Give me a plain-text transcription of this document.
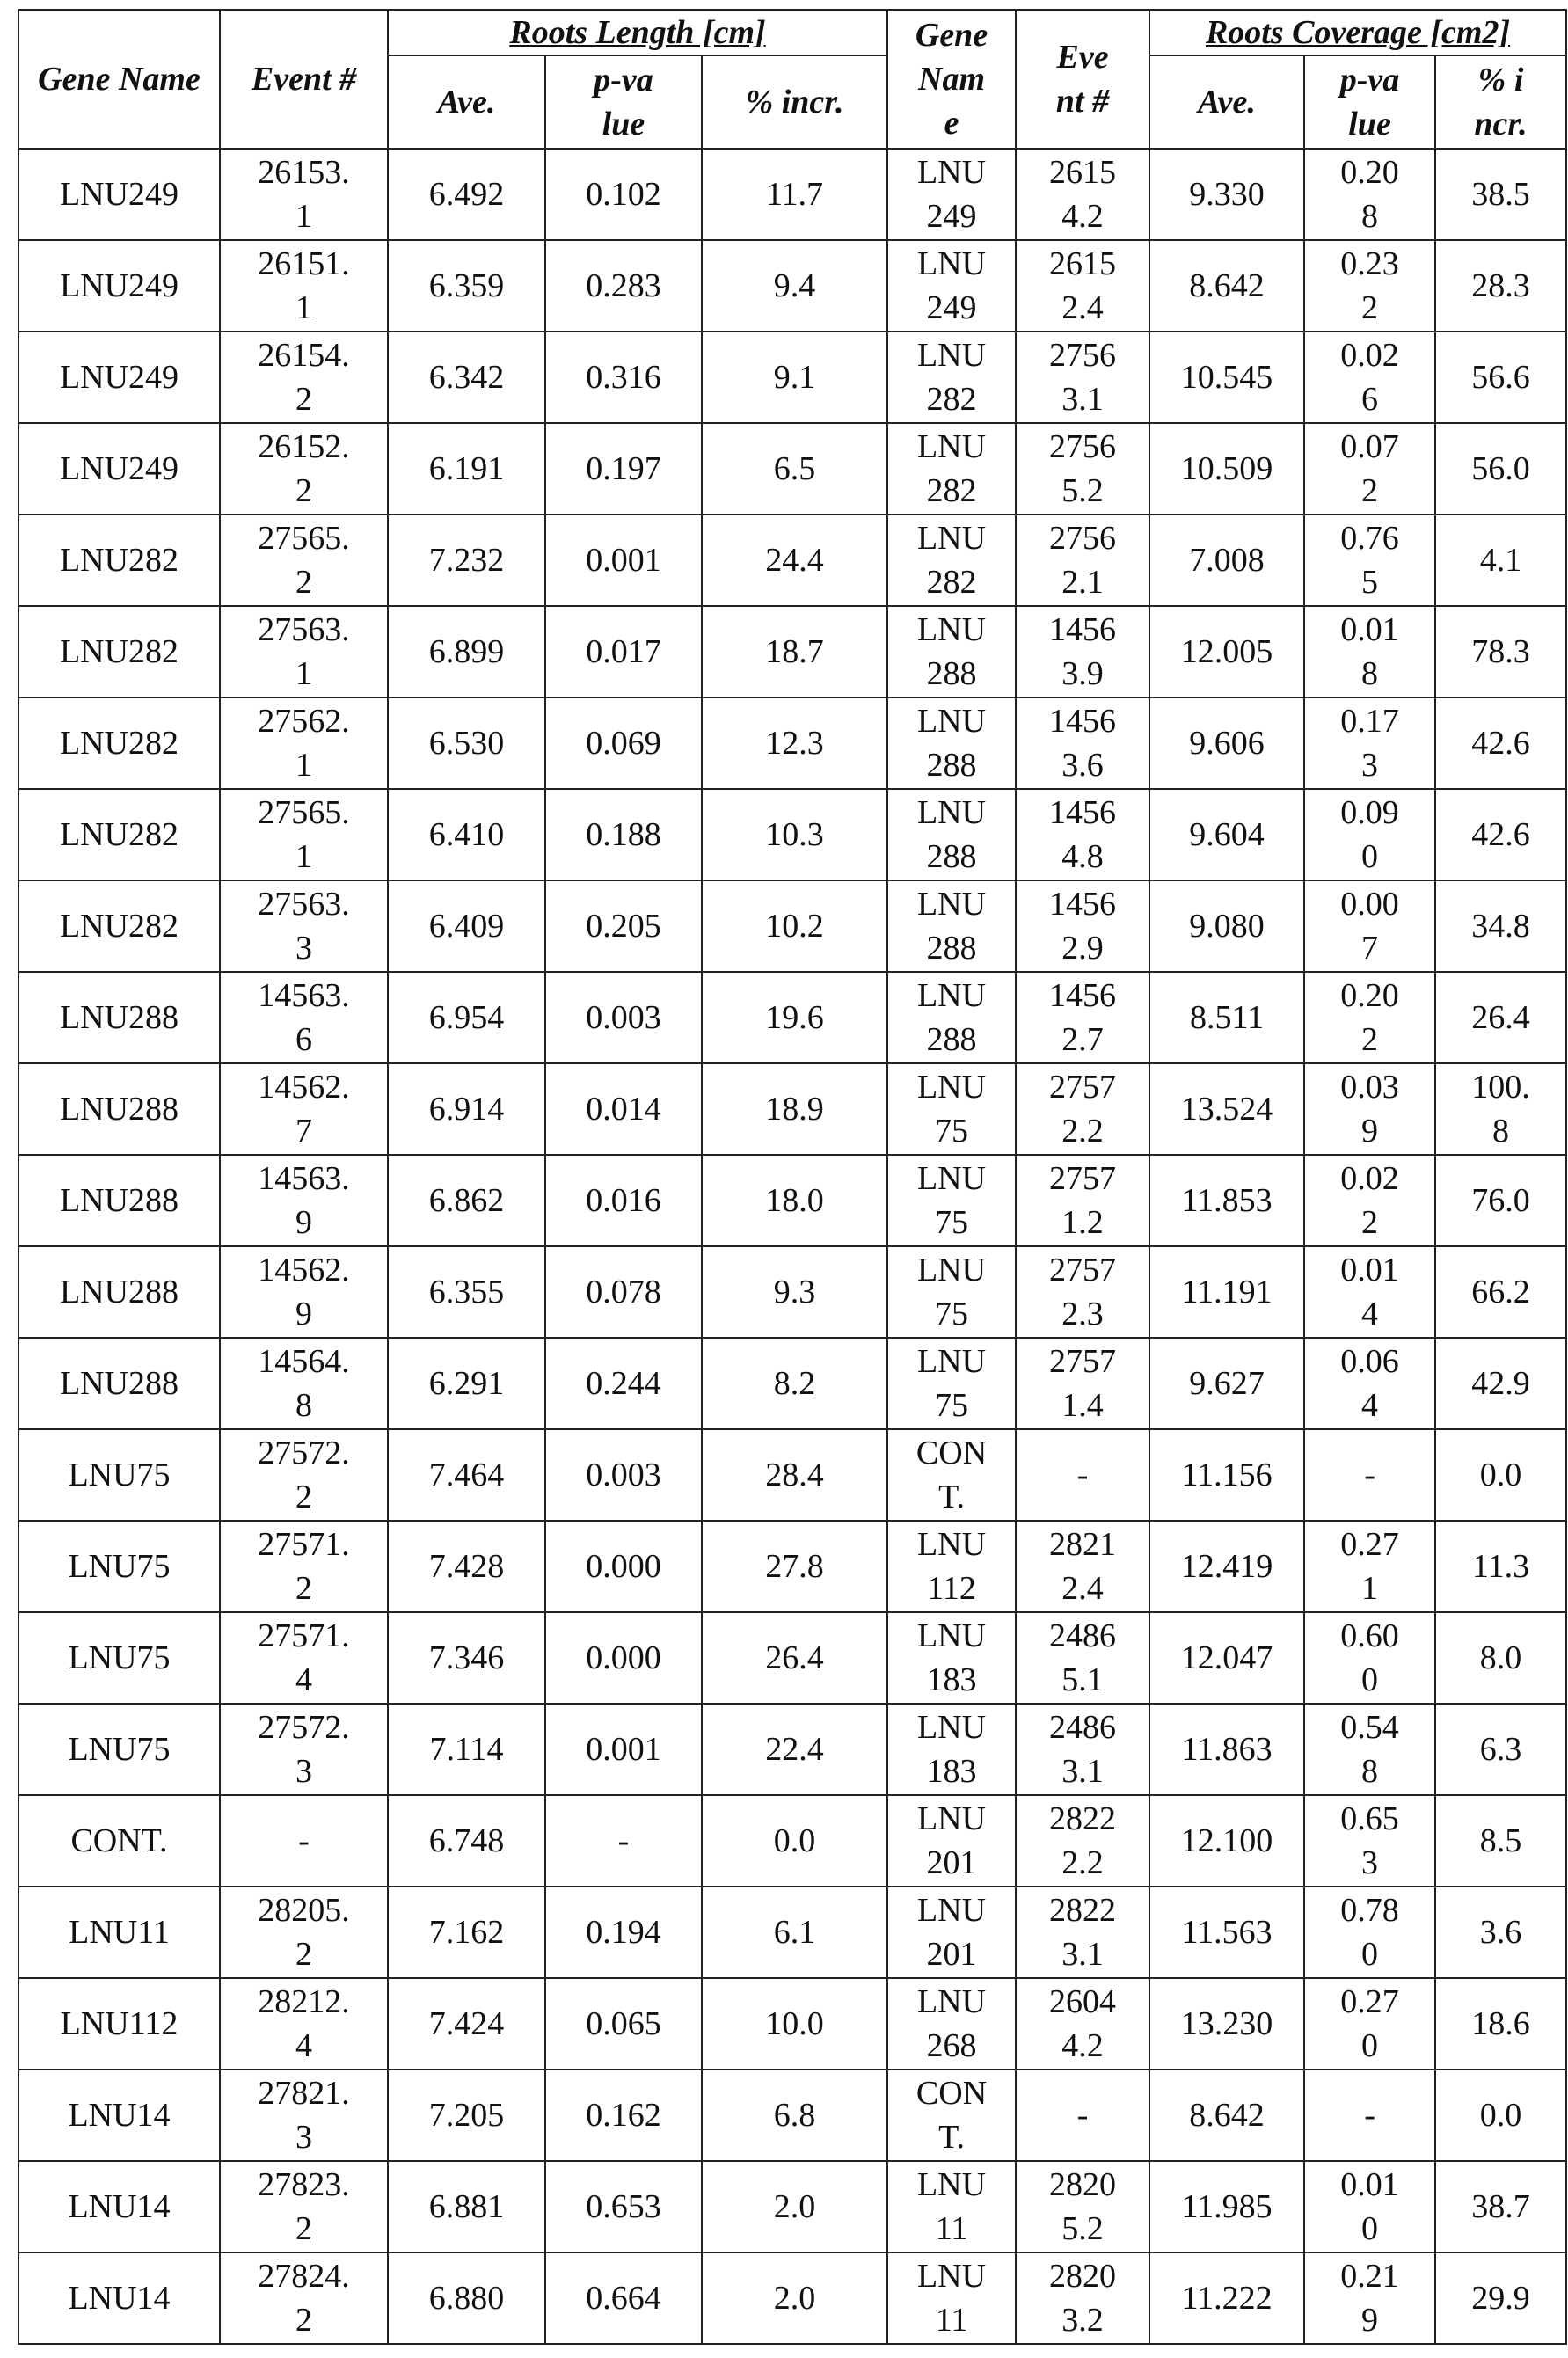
Gene Name	Event #	Roots Length [cm]	Gene Name	Event #	Roots Coverage [cm2]
Ave.	p-value	% incr.	Ave.	p-value	% incr.
LNU249	26153.1	6.492	0.102	11.7	LNU249	26154.2	9.330	0.208	38.5
LNU249	26151.1	6.359	0.283	9.4	LNU249	26152.4	8.642	0.232	28.3
LNU249	26154.2	6.342	0.316	9.1	LNU282	27563.1	10.545	0.026	56.6
LNU249	26152.2	6.191	0.197	6.5	LNU282	27565.2	10.509	0.072	56.0
LNU282	27565.2	7.232	0.001	24.4	LNU282	27562.1	7.008	0.765	4.1
LNU282	27563.1	6.899	0.017	18.7	LNU288	14563.9	12.005	0.018	78.3
LNU282	27562.1	6.530	0.069	12.3	LNU288	14563.6	9.606	0.173	42.6
LNU282	27565.1	6.410	0.188	10.3	LNU288	14564.8	9.604	0.090	42.6
LNU282	27563.3	6.409	0.205	10.2	LNU288	14562.9	9.080	0.007	34.8
LNU288	14563.6	6.954	0.003	19.6	LNU288	14562.7	8.511	0.202	26.4
LNU288	14562.7	6.914	0.014	18.9	LNU75	27572.2	13.524	0.039	100.8
LNU288	14563.9	6.862	0.016	18.0	LNU75	27571.2	11.853	0.022	76.0
LNU288	14562.9	6.355	0.078	9.3	LNU75	27572.3	11.191	0.014	66.2
LNU288	14564.8	6.291	0.244	8.2	LNU75	27571.4	9.627	0.064	42.9
LNU75	27572.2	7.464	0.003	28.4	CONT.	-	11.156	-	0.0
LNU75	27571.2	7.428	0.000	27.8	LNU112	28212.4	12.419	0.271	11.3
LNU75	27571.4	7.346	0.000	26.4	LNU183	24865.1	12.047	0.600	8.0
LNU75	27572.3	7.114	0.001	22.4	LNU183	24863.1	11.863	0.548	6.3
CONT.	-	6.748	-	0.0	LNU201	28222.2	12.100	0.653	8.5
LNU11	28205.2	7.162	0.194	6.1	LNU201	28223.1	11.563	0.780	3.6
LNU112	28212.4	7.424	0.065	10.0	LNU268	26044.2	13.230	0.270	18.6
LNU14	27821.3	7.205	0.162	6.8	CONT.	-	8.642	-	0.0
LNU14	27823.2	6.881	0.653	2.0	LNU11	28205.2	11.985	0.010	38.7
LNU14	27824.2	6.880	0.664	2.0	LNU11	28203.2	11.222	0.219	29.9
